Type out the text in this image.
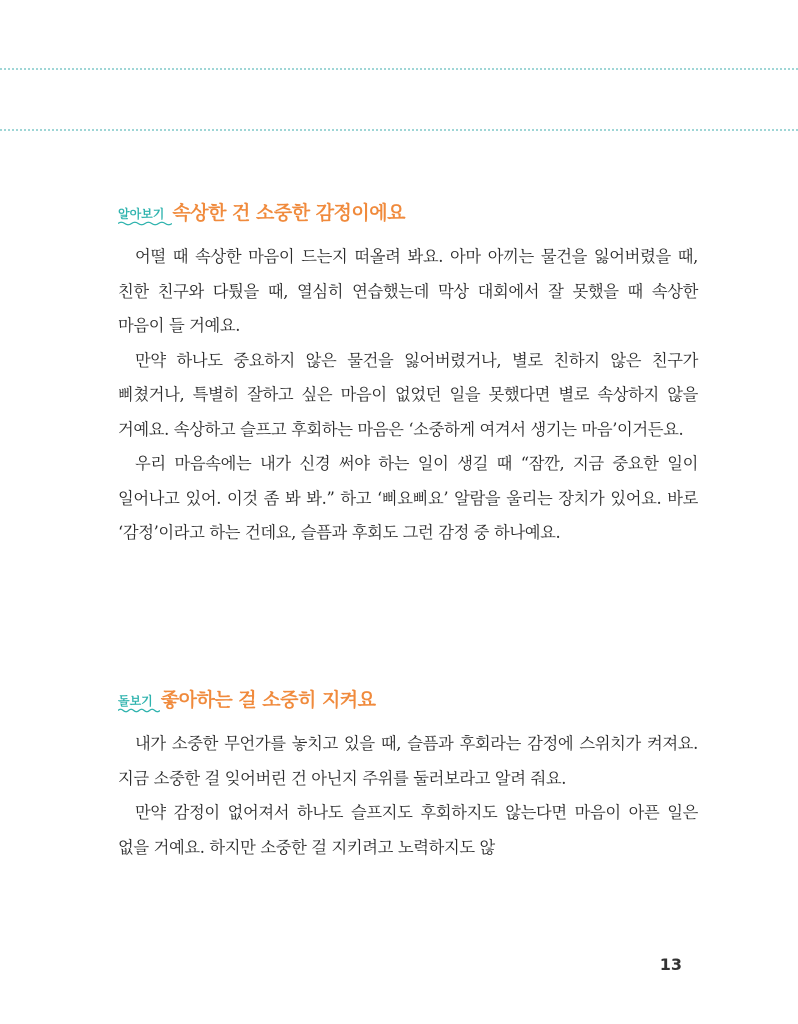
알아보기 속상한 건 소중한 감정이에요

어떨 때 속상한 마음이 드는지 떠올려 봐요. 아마 아끼는 물건을 잃어버렸을 때, 친한 친구와 다퉜을 때, 열심히 연습했는데 막상 대회에서 잘 못했을 때 속상한 마음이 들 거예요.

만약 하나도 중요하지 않은 물건을 잃어버렸거나, 별로 친하지 않은 친구가 삐쳤거나, 특별히 잘하고 싶은 마음이 없었던 일을 못했다면 별로 속상하지 않을 거예요. 속상하고 슬프고 후회하는 마음은 ‘소중하게 여겨서 생기는 마음’이거든요.

우리 마음속에는 내가 신경 써야 하는 일이 생길 때 “잠깐, 지금 중요한 일이 일어나고 있어. 이것 좀 봐 봐.” 하고 ‘삐요삐요’ 알람을 울리는 장치가 있어요. 바로 ‘감정’이라고 하는 건데요, 슬픔과 후회도 그런 감정 중 하나예요.

돌보기 좋아하는 걸 소중히 지켜요

내가 소중한 무언가를 놓치고 있을 때, 슬픔과 후회라는 감정에 스위치가 켜져요. 지금 소중한 걸 잊어버린 건 아닌지 주위를 둘러보라고 알려 줘요.

만약 감정이 없어져서 하나도 슬프지도 후회하지도 않는다면 마음이 아픈 일은 없을 거예요. 하지만 소중한 걸 지키려고 노력하지도 않

13
